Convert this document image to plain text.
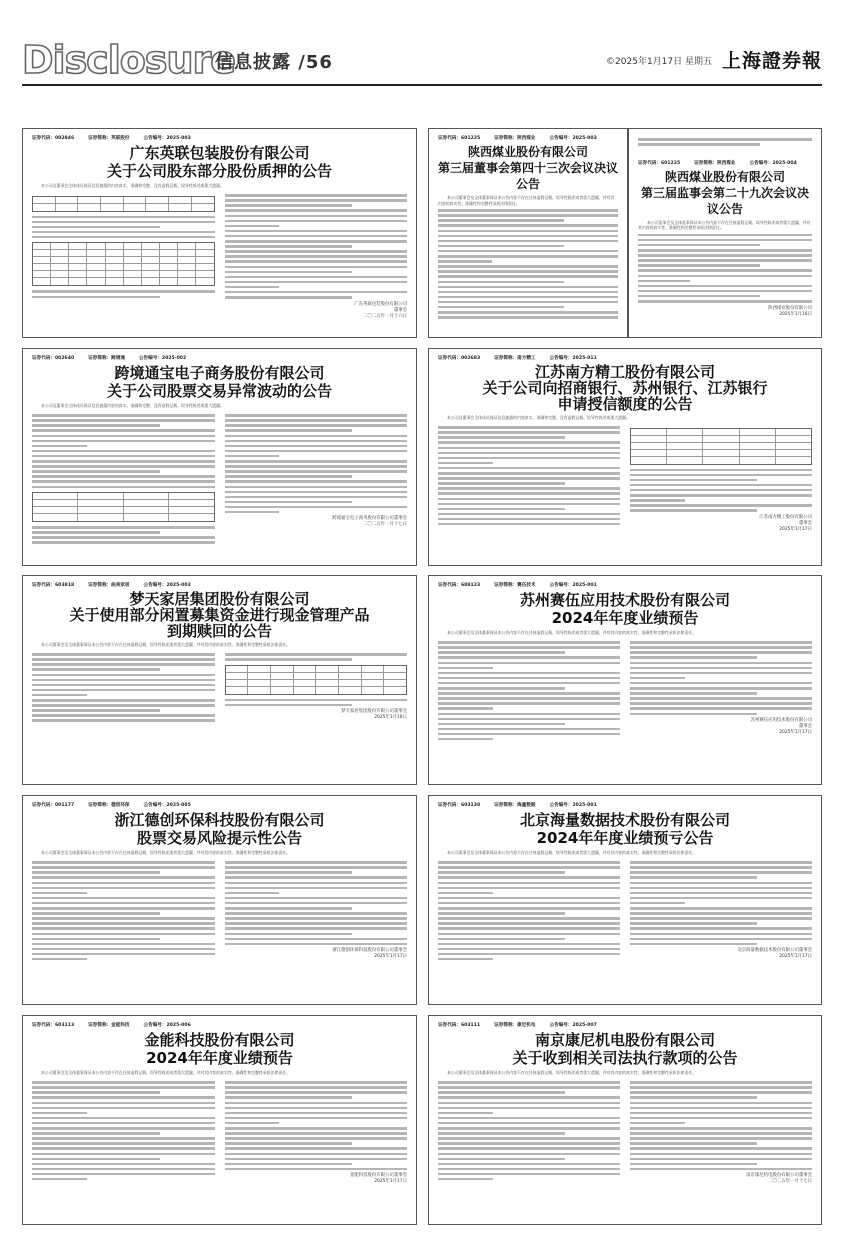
Disclosure
信息披露 /56	©2025年1月17日 星期五 上海證券報
证券代码：002846	证券简称：英联股份	公告编号：2025-003
广东英联包装股份有限公司
关于公司股东部分股份质押的公告
本公司及董事会全体成员保证信息披露的内容真实、准确和完整，没有虚假记载、误导性陈述或重大遗漏。
广东英联包装股份有限公司
董事会
二〇二五年一月十六日
证券代码：601225	证券简称：陕西煤业	公告编号：2025-003
陕西煤业股份有限公司
第三届董事会第四十三次会议决议公告
本公司董事会及全体董事保证本公告内容不存在任何虚假记载、误导性陈述或者重大遗漏，并对其内容的真实性、准确性和完整性承担法律责任。
证券代码：601225	证券简称：陕西煤业	公告编号：2025-004
陕西煤业股份有限公司
第三届监事会第二十九次会议决议公告
本公司监事会及全体监事保证本公告内容不存在任何虚假记载、误导性陈述或者重大遗漏，并对其内容的真实性、准确性和完整性承担法律责任。
陕西煤业股份有限公司
2025年1月16日
证券代码：002640	证券简称：跨境通	公告编号：2025-002
跨境通宝电子商务股份有限公司
关于公司股票交易异常波动的公告
本公司及董事会全体成员保证信息披露内容的真实、准确和完整，没有虚假记载、误导性陈述或重大遗漏。
跨境通宝电子商务股份有限公司董事会
二〇二五年一月十七日
证券代码：002683	证券简称：南方精工	公告编号：2025-011
江苏南方精工股份有限公司
关于公司向招商银行、苏州银行、江苏银行
申请授信额度的公告
本公司及董事会全体成员保证信息披露的内容真实、准确和完整，没有虚假记载、误导性陈述或重大遗漏。
江苏南方精工股份有限公司
董事会
2025年1月17日
证券代码：603818	证券简称：曲美家居	公告编号：2025-003
梦天家居集团股份有限公司
关于使用部分闲置募集资金进行现金管理产品
到期赎回的公告
本公司董事会及全体董事保证本公告内容不存在任何虚假记载、误导性陈述或者重大遗漏，并对其内容的真实性、准确性和完整性承担法律责任。
梦天家居集团股份有限公司董事会
2025年1月16日
证券代码：688123	证券简称：赛伍技术	公告编号：2025-001
苏州赛伍应用技术股份有限公司
2024年年度业绩预告
本公司董事会及全体董事保证本公告内容不存在任何虚假记载、误导性陈述或者重大遗漏，并对其内容的真实性、准确性和完整性承担法律责任。
苏州赛伍应用技术股份有限公司
董事会
2025年1月17日
证券代码：001177	证券简称：德创环保	公告编号：2025-005
浙江德创环保科技股份有限公司
股票交易风险提示性公告
本公司董事会及全体董事保证本公告内容不存在任何虚假记载、误导性陈述或者重大遗漏，并对其内容的真实性、准确性和完整性承担法律责任。
浙江德创环保科技股份有限公司董事会
2025年1月17日
证券代码：603138	证券简称：海量数据	公告编号：2025-001
北京海量数据技术股份有限公司
2024年年度业绩预亏公告
本公司董事会及全体董事保证本公告内容不存在任何虚假记载、误导性陈述或者重大遗漏，并对其内容的真实性、准确性和完整性承担法律责任。
北京海量数据技术股份有限公司董事会
2025年1月17日
证券代码：603113	证券简称：金能科技	公告编号：2025-006
金能科技股份有限公司
2024年年度业绩预告
本公司董事会及全体董事保证本公告内容不存在任何虚假记载、误导性陈述或者重大遗漏，并对其内容的真实性、准确性和完整性承担法律责任。
金能科技股份有限公司董事会
2025年1月17日
证券代码：603111	证券简称：康尼机电	公告编号：2025-007
南京康尼机电股份有限公司
关于收到相关司法执行款项的公告
本公司董事会及全体董事保证本公告内容不存在任何虚假记载、误导性陈述或者重大遗漏，并对其内容的真实性、准确性和完整性承担法律责任。
南京康尼机电股份有限公司董事会
二〇二五年一月十七日
